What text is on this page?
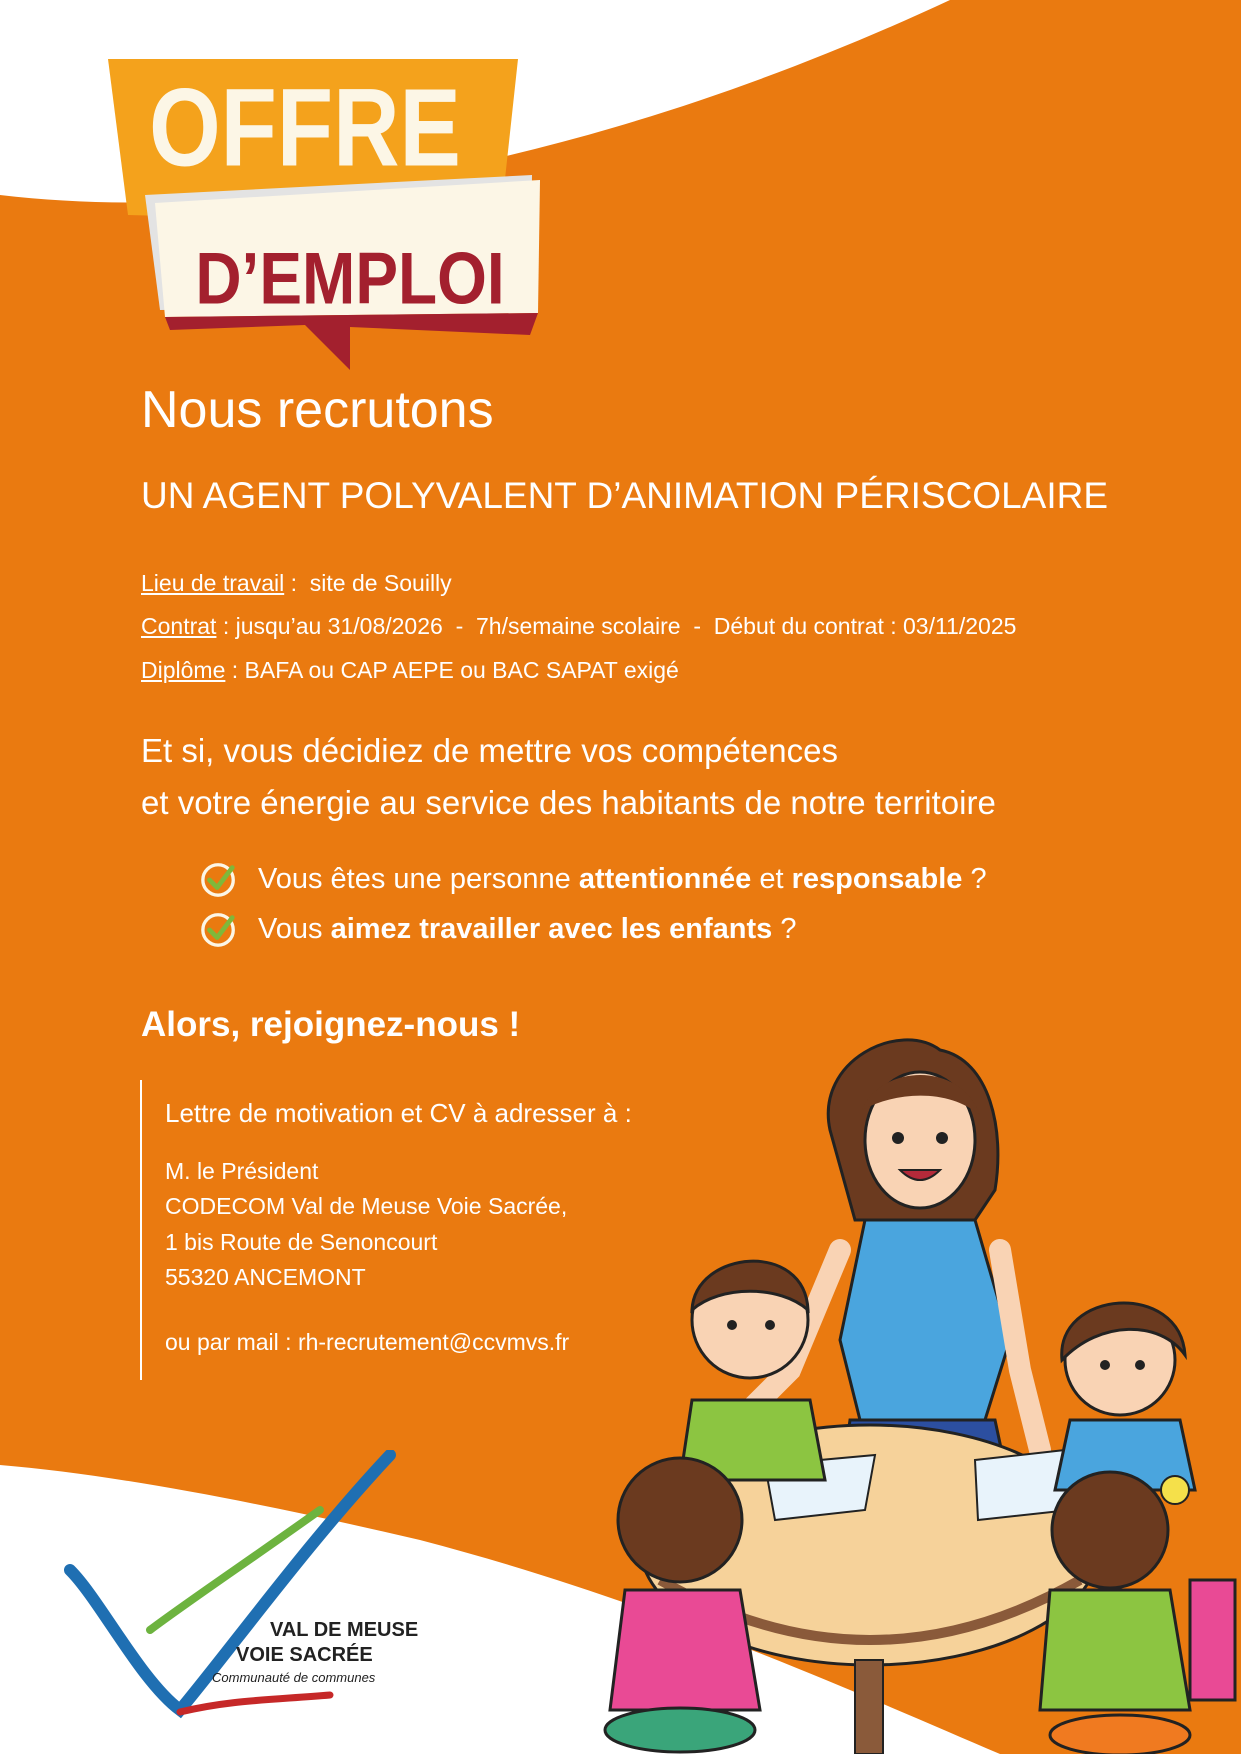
OFFRE
D’EMPLOI
Nous recrutons
UN AGENT POLYVALENT D’ANIMATION PÉRISCOLAIRE
Lieu de travail :  site de Souilly
Contrat : jusqu’au 31/08/2026  -  7h/semaine scolaire  -  Début du contrat : 03/11/2025
Diplôme : BAFA ou CAP AEPE ou BAC SAPAT exigé
Et si, vous décidiez de mettre vos compétences
et votre énergie au service des habitants de notre territoire
Vous êtes une personne attentionnée et responsable ?
Vous aimez travailler avec les enfants ?
Alors, rejoignez-nous !
Lettre de motivation et CV à adresser à :
M. le Président
CODECOM Val de Meuse Voie Sacrée,
1 bis Route de Senoncourt
55320 ANCEMONT
ou par mail : rh-recrutement@ccvmvs.fr
VAL DE MEUSE
VOIE SACRÉE
Communauté de communes
